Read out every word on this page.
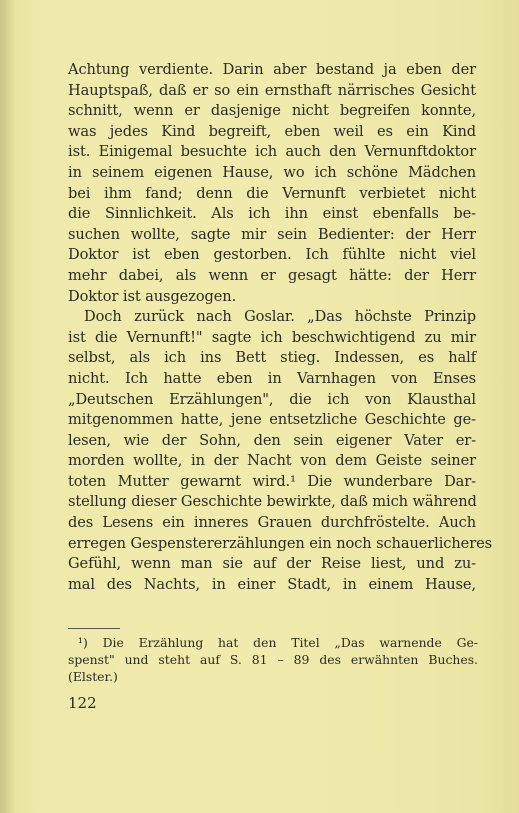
Achtung verdiente. Darin aber bestand ja eben der
Hauptspaß, daß er so ein ernsthaft närrisches Gesicht
schnitt, wenn er dasjenige nicht begreifen konnte,
was jedes Kind begreift, eben weil es ein Kind
ist. Einigemal besuchte ich auch den Vernunftdoktor
in seinem eigenen Hause, wo ich schöne Mädchen
bei ihm fand; denn die Vernunft verbietet nicht
die Sinnlichkeit. Als ich ihn einst ebenfalls be-
suchen wollte, sagte mir sein Bedienter: der Herr
Doktor ist eben gestorben. Ich fühlte nicht viel
mehr dabei, als wenn er gesagt hätte: der Herr
Doktor ist ausgezogen.
Doch zurück nach Goslar. „Das höchste Prinzip
ist die Vernunft!" sagte ich beschwichtigend zu mir
selbst, als ich ins Bett stieg. Indessen, es half
nicht. Ich hatte eben in Varnhagen von Enses
„Deutschen Erzählungen", die ich von Klausthal
mitgenommen hatte, jene entsetzliche Geschichte ge-
lesen, wie der Sohn, den sein eigener Vater er-
morden wollte, in der Nacht von dem Geiste seiner
toten Mutter gewarnt wird.¹ Die wunderbare Dar-
stellung dieser Geschichte bewirkte, daß mich während
des Lesens ein inneres Grauen durchfröstelte. Auch
erregen Gespenstererzählungen ein noch schauerlicheres
Gefühl, wenn man sie auf der Reise liest, und zu-
mal des Nachts, in einer Stadt, in einem Hause,
¹) Die Erzählung hat den Titel „Das warnende Ge-
spenst" und steht auf S. 81 – 89 des erwähnten Buches.
(Elster.)
122
